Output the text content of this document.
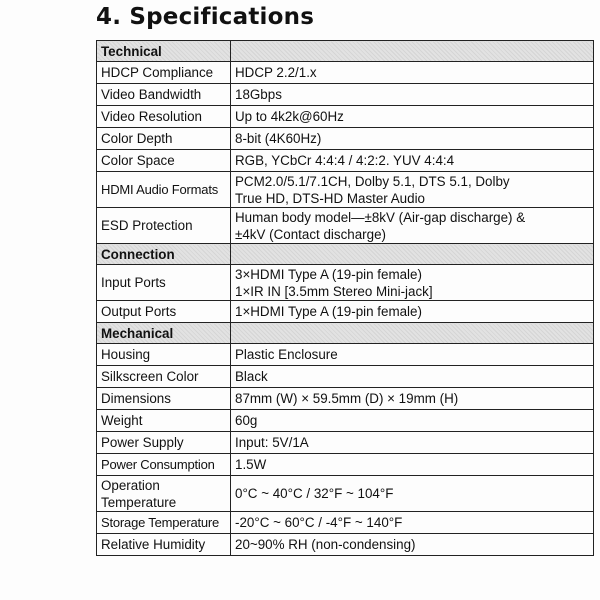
4. Specifications
Technical	
HDCP Compliance	HDCP 2.2/1.x
Video Bandwidth	18Gbps
Video Resolution	Up to 4k2k@60Hz
Color Depth	8-bit (4K60Hz)
Color Space	RGB, YCbCr 4:4:4 / 4:2:2. YUV 4:4:4
HDMI Audio Formats	PCM2.0/5.1/7.1CH, Dolby 5.1, DTS 5.1, Dolby
True HD, DTS-HD Master Audio

ESD Protection	Human body model—±8kV (Air-gap discharge) &
±4kV (Contact discharge)

Connection	
Input Ports	3×HDMI Type A (19-pin female)
1×IR IN [3.5mm Stereo Mini-jack]

Output Ports	1×HDMI Type A (19-pin female)
Mechanical	
Housing	Plastic Enclosure
Silkscreen Color	Black
Dimensions	87mm (W) × 59.5mm (D) × 19mm (H)
Weight	60g
Power Supply	Input: 5V/1A
Power Consumption	1.5W
Operation Temperature	0°C ~ 40°C / 32°F ~ 104°F
Storage Temperature	-20°C ~ 60°C / -4°F ~ 140°F
Relative Humidity	20~90% RH (non-condensing)
